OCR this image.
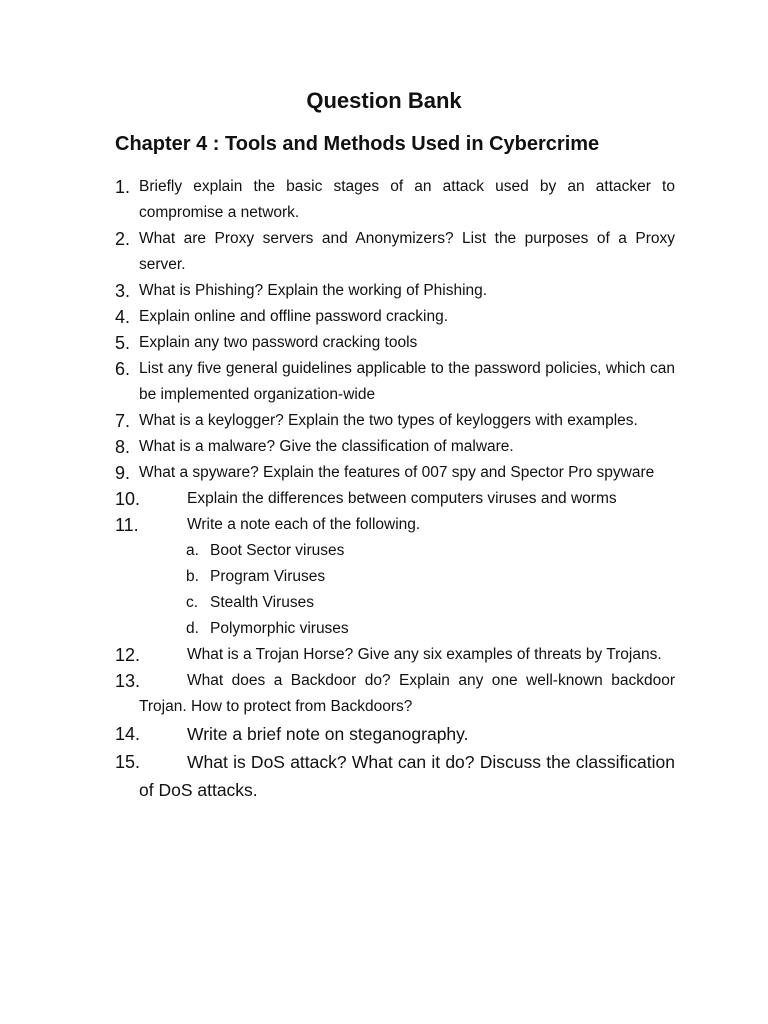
Question Bank
Chapter 4 : Tools and Methods Used in Cybercrime
1. Briefly explain the basic stages of an attack used by an attacker to compromise a network.
2. What are Proxy servers and Anonymizers? List the purposes of a Proxy server.
3. What is Phishing? Explain the working of Phishing.
4. Explain online and offline password cracking.
5. Explain any two password cracking tools
6. List any five general guidelines applicable to the password policies, which can be implemented organization-wide
7. What is a keylogger? Explain the two types of keyloggers with examples.
8. What is a malware? Give the classification of malware.
9. What a spyware? Explain the features of 007 spy and Spector Pro spyware
10.	Explain the differences between computers viruses and worms
11.	Write a note each of the following.
a. Boot Sector viruses
b. Program Viruses
c. Stealth Viruses
d. Polymorphic viruses
12.	What is a Trojan Horse? Give any six examples of threats by Trojans.
13.	What does a Backdoor do? Explain any one well-known backdoor Trojan. How to protect from Backdoors?
14.	Write a brief note on steganography.
15.	What is DoS attack? What can it do? Discuss the classification of DoS attacks.
